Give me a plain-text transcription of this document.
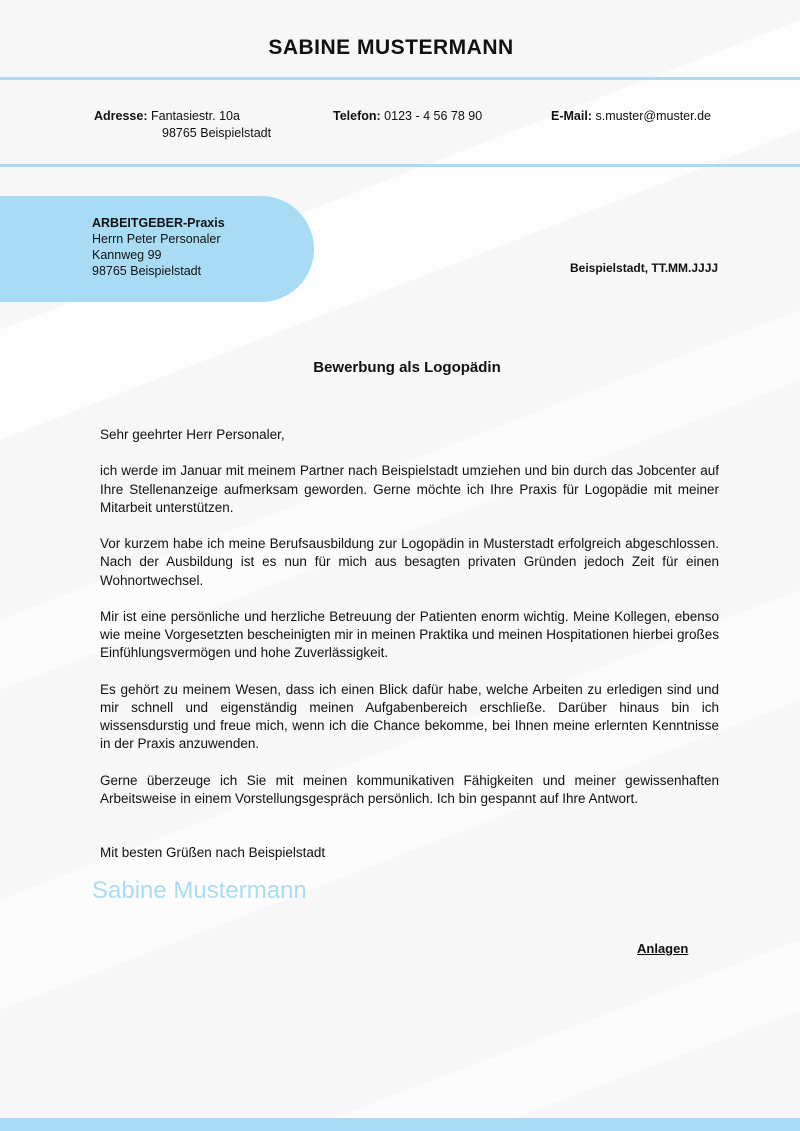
SABINE MUSTERMANN
Adresse: Fantasiestr. 10a
98765 Beispielstadt
Telefon: 0123 - 4 56 78 90	E-Mail: s.muster@muster.de
ARBEITGEBER-Praxis
Herrn Peter Personaler
Kannweg 99
98765 Beispielstadt	Beispielstadt, TT.MM.JJJJ
Bewerbung als Logopädin

Sehr geehrter Herr Personaler,

ich werde im Januar mit meinem Partner nach Beispielstadt umziehen und bin durch das Jobcenter auf Ihre Stellenanzeige aufmerksam geworden. Gerne möchte ich Ihre Praxis für Logopädie mit meiner Mitarbeit unterstützen.

Vor kurzem habe ich meine Berufsausbildung zur Logopädin in Musterstadt erfolgreich abgeschlossen. Nach der Ausbildung ist es nun für mich aus besagten privaten Gründen jedoch Zeit für einen Wohnortwechsel.

Mir ist eine persönliche und herzliche Betreuung der Patienten enorm wichtig. Meine Kollegen, ebenso wie meine Vorgesetzten bescheinigten mir in meinen Praktika und meinen Hospitationen hierbei großes Einfühlungsvermögen und hohe Zuverlässigkeit.

Es gehört zu meinem Wesen, dass ich einen Blick dafür habe, welche Arbeiten zu erledigen sind und mir schnell und eigenständig meinen Aufgabenbereich erschließe. Darüber hinaus bin ich wissensdurstig und freue mich, wenn ich die Chance bekomme, bei Ihnen meine erlernten Kenntnisse in der Praxis anzuwenden.

Gerne überzeuge ich Sie mit meinen kommunikativen Fähigkeiten und meiner gewissenhaften Arbeitsweise in einem Vorstellungsgespräch persönlich. Ich bin gespannt auf Ihre Antwort.

Mit besten Grüßen nach Beispielstadt
Sabine Mustermann
Anlagen
